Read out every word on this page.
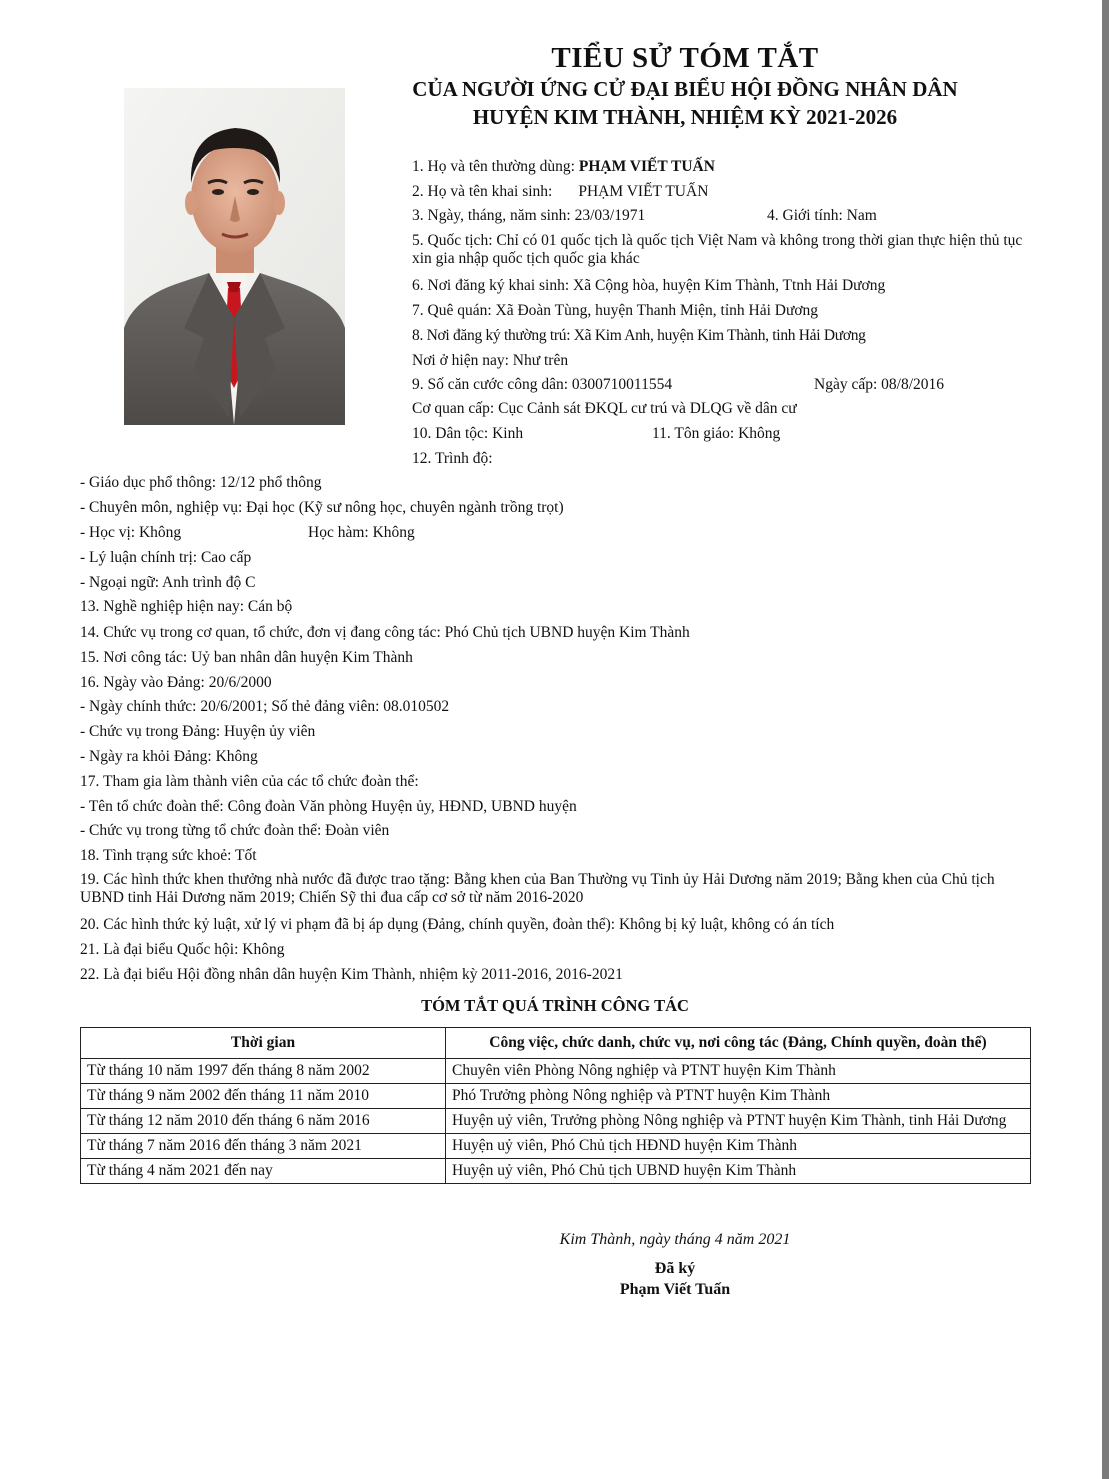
TIỂU SỬ TÓM TẮT
CỦA NGƯỜI ỨNG CỬ ĐẠI BIỂU HỘI ĐỒNG NHÂN DÂN
HUYỆN KIM THÀNH, NHIỆM KỲ 2021-2026
1. Họ và tên thường dùng: PHẠM VIẾT TUẤN
2. Họ và tên khai sinh: PHẠM VIẾT TUẤN
3. Ngày, tháng, năm sinh: 23/03/1971	4. Giới tính: Nam
5. Quốc tịch: Chỉ có 01 quốc tịch là quốc tịch Việt Nam và không trong thời gian thực hiện thủ tục xin gia nhập quốc tịch quốc gia khác
6. Nơi đăng ký khai sinh: Xã Cộng hòa, huyện Kim Thành, Ttnh Hải Dương
7. Quê quán: Xã Đoàn Tùng, huyện Thanh Miện, tỉnh Hải Dương
8. Nơi đăng ký thường trú: Xã Kim Anh, huyện Kim Thành, tinh Hải Dương
Nơi ở hiện nay: Như trên
9. Số căn cước công dân: 0300710011554	Ngày cấp: 08/8/2016
Cơ quan cấp: Cục Cảnh sát ĐKQL cư trú và DLQG về dân cư
10. Dân tộc: Kinh	11. Tôn giáo: Không
12. Trình độ:
- Giáo dục phổ thông: 12/12 phổ thông
- Chuyên môn, nghiệp vụ: Đại học (Kỹ sư nông học, chuyên ngành trồng trọt)
- Học vị: Không	Học hàm: Không
- Lý luận chính trị: Cao cấp
- Ngoại ngữ: Anh trình độ C
13. Nghề nghiệp hiện nay: Cán bộ
14. Chức vụ trong cơ quan, tổ chức, đơn vị đang công tác: Phó Chủ tịch UBND huyện Kim Thành
15. Nơi công tác: Uỷ ban nhân dân huyện Kim Thành
16. Ngày vào Đảng: 20/6/2000
- Ngày chính thức: 20/6/2001; Số thẻ đảng viên: 08.010502
- Chức vụ trong Đảng: Huyện ủy viên
- Ngày ra khỏi Đảng: Không
17. Tham gia làm thành viên của các tổ chức đoàn thể:
- Tên tổ chức đoàn thể: Công đoàn Văn phòng Huyện ủy, HĐND, UBND huyện
- Chức vụ trong từng tổ chức đoàn thể: Đoàn viên
18. Tình trạng sức khoẻ: Tốt
19. Các hình thức khen thưởng nhà nước đã được trao tặng: Bằng khen của Ban Thường vụ Tinh ủy Hải Dương năm 2019; Bằng khen của Chủ tịch UBND tinh Hải Dương năm 2019; Chiến Sỹ thi đua cấp cơ sở từ năm 2016-2020
20. Các hình thức kỷ luật, xử lý vi phạm đã bị áp dụng (Đảng, chính quyền, đoàn thể): Không bị kỷ luật, không có án tích
21. Là đại biểu Quốc hội: Không
22. Là đại biểu Hội đồng nhân dân huyện Kim Thành, nhiệm kỳ 2011-2016, 2016-2021
TÓM TẮT QUÁ TRÌNH CÔNG TÁC
Thời gian	Công việc, chức danh, chức vụ, nơi công tác (Đảng, Chính quyền, đoàn thể)
Từ tháng 10 năm 1997 đến tháng 8 năm 2002	Chuyên viên Phòng Nông nghiệp và PTNT huyện Kim Thành
Từ tháng 9 năm 2002 đến tháng 11 năm 2010	Phó Trưởng phòng Nông nghiệp và PTNT huyện Kim Thành
Từ tháng 12 năm 2010 đến tháng 6 năm 2016	Huyện uỷ viên, Trưởng phòng Nông nghiệp và PTNT huyện Kim Thành, tinh Hải Dương
Từ tháng 7 năm 2016 đến tháng 3 năm 2021	Huyện uỷ viên, Phó Chủ tịch HĐND huyện Kim Thành
Từ tháng 4 năm 2021 đến nay	Huyện uỷ viên, Phó Chủ tịch UBND huyện Kim Thành
Kim Thành, ngày tháng 4 năm 2021
Đã ký
Phạm Viết Tuấn
